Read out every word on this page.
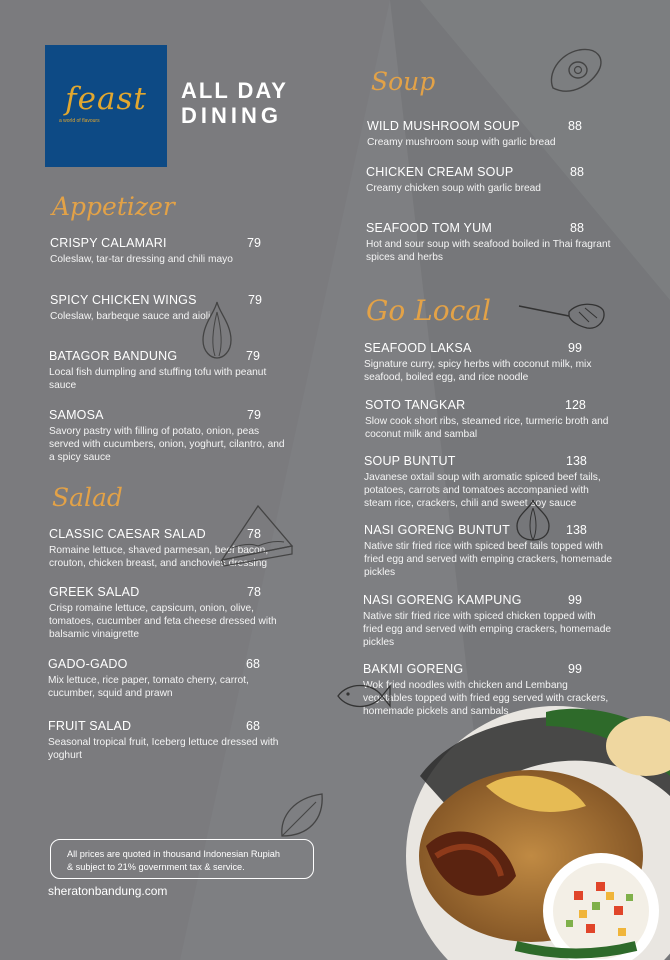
feast
a world of flavours
ALL DAY
DINING
Appetizer
CRISPY CALAMARI	79
Coleslaw, tar-tar dressing and chili mayo
SPICY CHICKEN WINGS	79
Coleslaw, barbeque sauce and aioli
BATAGOR BANDUNG	79
Local fish dumpling and stuffing tofu with peanut sauce
SAMOSA	79
Savory pastry with filling of potato, onion, peas served with cucumbers, onion, yoghurt, cilantro, and a spicy sauce
Salad
CLASSIC CAESAR SALAD	78
Romaine lettuce, shaved parmesan, beef bacon, crouton, chicken breast, and anchovies dressing
GREEK SALAD	78
Crisp romaine lettuce, capsicum, onion, olive, tomatoes, cucumber and feta cheese dressed with balsamic vinaigrette
GADO-GADO	68
Mix lettuce, rice paper, tomato cherry, carrot, cucumber, squid and prawn
FRUIT SALAD	68
Seasonal tropical fruit, Iceberg lettuce dressed with yoghurt
Soup
WILD MUSHROOM SOUP	88
Creamy mushroom soup with garlic bread
CHICKEN CREAM SOUP	88
Creamy chicken soup with garlic bread
SEAFOOD TOM YUM	88
Hot and sour soup with seafood boiled in Thai fragrant spices and herbs
Go Local
SEAFOOD LAKSA	99
Signature curry, spicy herbs with coconut milk, mix seafood, boiled egg, and rice noodle
SOTO TANGKAR	128
Slow cook short ribs, steamed rice, turmeric broth and coconut milk and sambal
SOUP BUNTUT	138
Javanese oxtail soup with aromatic spiced beef tails, potatoes, carrots and tomatoes accompanied with steam rice, crackers, chili and sweet soy sauce
NASI GORENG BUNTUT	138
Native stir fried rice with spiced beef tails topped with fried egg and served with emping crackers, homemade pickles
NASI GORENG KAMPUNG	99
Native stir fried rice with spiced chicken topped with fried egg and served with emping crackers, homemade pickles
BAKMI GORENG	99
Wok fried noodles with chicken and Lembang vegetables topped with fried egg served with crackers, homemade pickels and sambals
All prices are quoted in thousand Indonesian Rupiah
& subject to 21% government tax & service.
sheratonbandung.com
